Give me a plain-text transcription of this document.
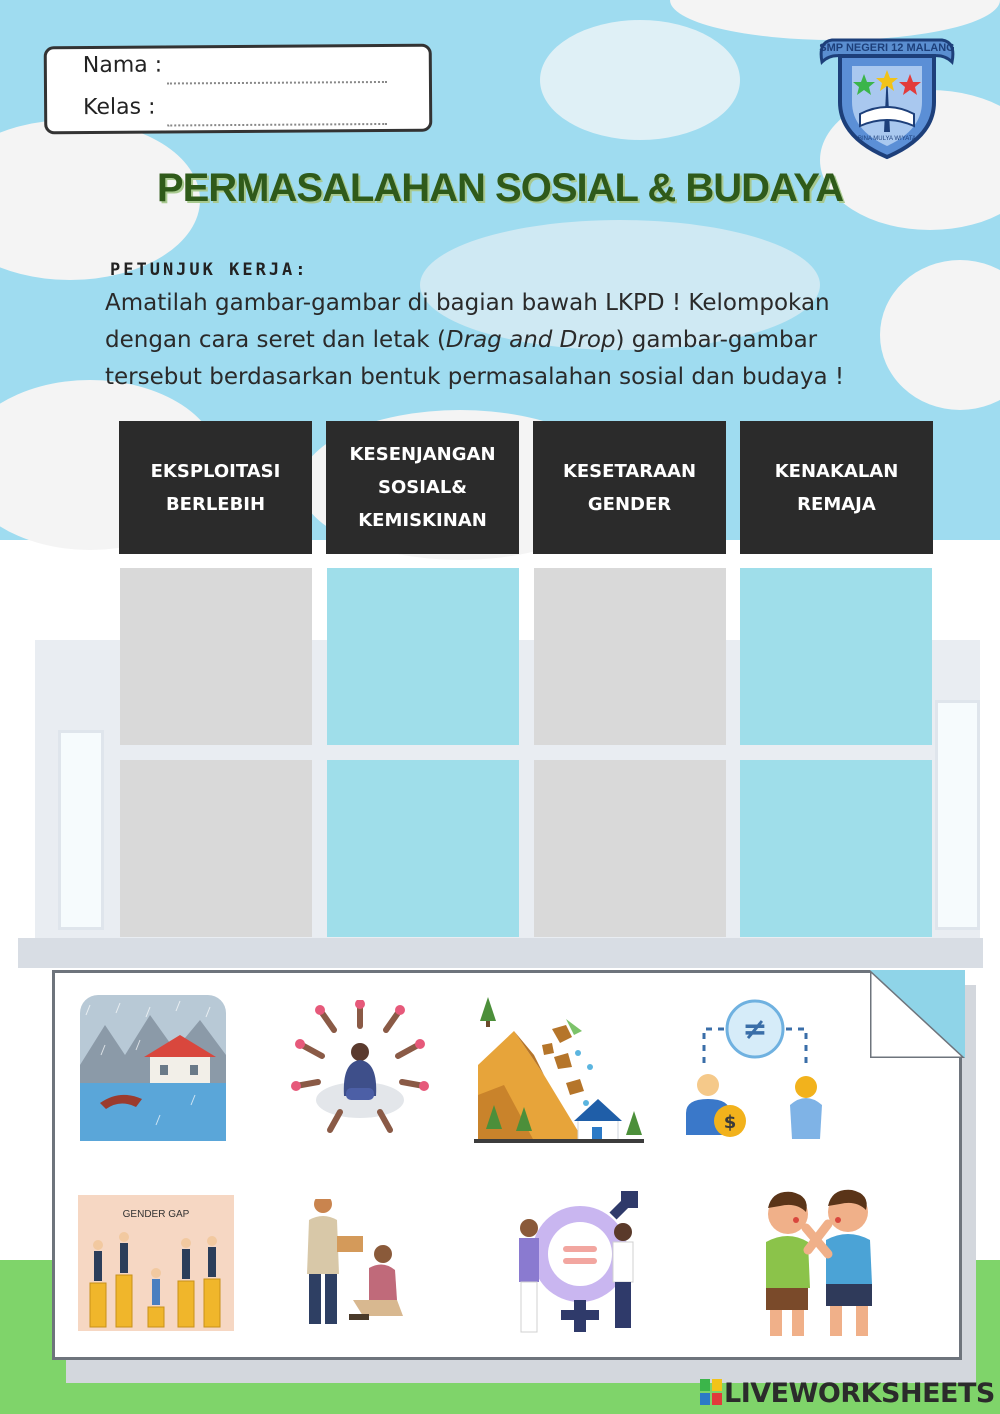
Nama :
Kelas :
SMP NEGERI 12 MALANG
BINA MULYA WIYATA
PERMASALAHAN SOSIAL & BUDAYA
PETUNJUK KERJA:
Amatilah gambar-gambar di bagian bawah LKPD ! Kelompokan
dengan cara seret dan letak (Drag and Drop) gambar-gambar
tersebut berdasarkan bentuk permasalahan sosial dan budaya !
EKSPLOITASI BERLEBIH
KESENJANGAN SOSIAL& KEMISKINAN
KESETARAAN GENDER
KENAKALAN REMAJA
≠
$
GENDER GAP
LIVEWORKSHEETS
